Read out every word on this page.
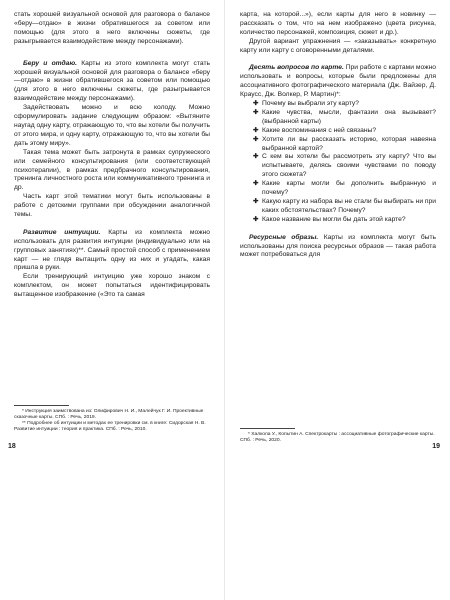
стать хорошей визуальной основой для разговора о балансе «беру—отдаю» в жизни обратившегося за советом или помощью (для этого в него включены сюжеты, где разыгрывается взаимодействие между персонажами).

Беру и отдаю. Карты из этого комплекта могут стать хорошей визуальной основой для разговора о балансе «беру—отдаю» в жизни обратившегося за советом или помощью (для этого в него включены сюжеты, где разыгрывается взаимодействие между персонажами).

Задействовать можно и всю колоду. Можно сформулировать задание следующим образом: «Вытяните наугад одну карту, отражающую то, что вы хотели бы получить от этого мира, и одну карту, отражающую то, что вы хотели бы дать этому миру».

Такая тема может быть затронута в рамках супружеского или семейного консультирования (или соответствующей психотерапии), в рамках предбрачного консультирования, тренинга личностного роста или коммуникативного тренинга и др.

Часть карт этой тематики могут быть использованы в работе с детскими группами при обсуждении аналогичной темы.

Развитие интуиции. Карты из комплекта можно использовать для развития интуиции (индивидуально или на групповых занятиях)**. Самый простой способ с применением карт — не глядя вытащить одну из них и угадать, какая пришла в руки.

Если тренирующий интуицию уже хорошо знаком с комплектом, он может попытаться идентифицировать вытащенное изображение («Это та самая

* Инструкция заимствована из: Олифирович Н. И., Малейчук Г. И. Проективные сказочные карты. СПб. : Речь, 2019.

** Подробнее об интуиции и методах ее тренировки см. в книге: Сидорская Н. В. Развитие интуиции : теория и практика. СПб. : Речь, 2010.

18

карта, на которой...»), если карты для него в новинку — рассказать о том, что на нем изображено (цвета рисунка, количество персонажей, композиция, сюжет и др.).

Другой вариант упражнения — «заказывать» конкретную карту или карту с оговоренными деталями.

Десять вопросов по карте. При работе с картами можно использовать и вопросы, которые были предложены для ассоциативного фотографического материала (Дж. Вайзер, Д. Краусс, Дж. Волкер, Р. Мартин)*:

✚ Почему вы выбрали эту карту?
✚ Какие чувства, мысли, фантазии она вызывает? (выбранной карты)
✚ Какие воспоминания с ней связаны?
✚ Хотите ли вы рассказать историю, которая навеяна выбранной картой?
✚ С кем вы хотели бы рассмотреть эту карту? Что вы испытываете, делясь своими чувствами по поводу этого сюжета?
✚ Какие карты могли бы дополнить выбранную и почему?
✚ Какую карту из набора вы не стали бы выбирать ни при каких обстоятельствах? Почему?
✚ Какое название вы могли бы дать этой карте?

Ресурсные образы. Карты из комплекта могут быть использованы для поиска ресурсных образов — такая работа может потребоваться для

* Халкола У., Копытин А. Спектрокарты : ассоциативные фотографические карты. СПб. : Речь, 2020.

19
